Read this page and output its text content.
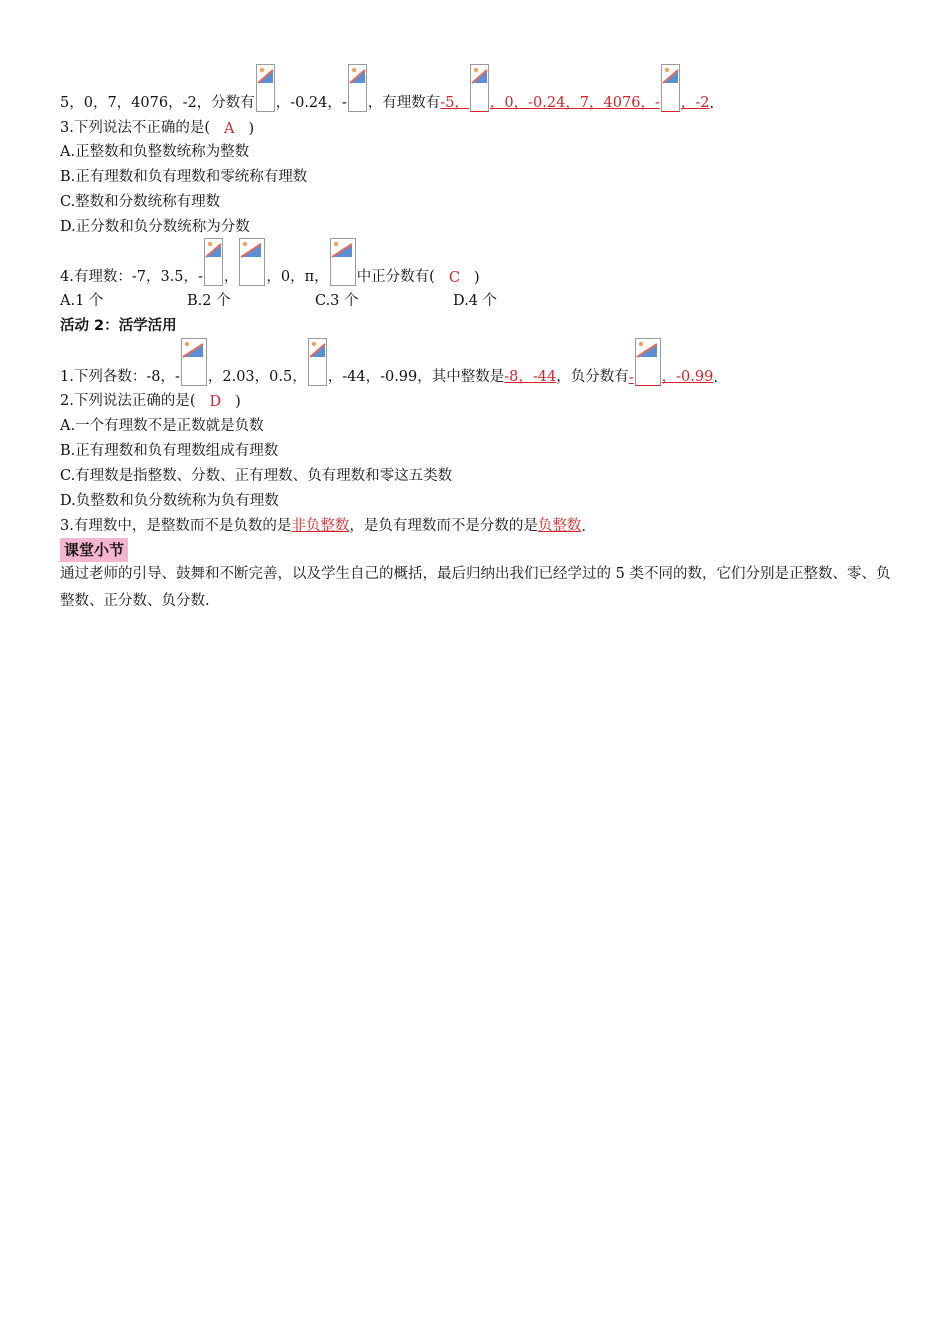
5，0，7，4076，-2，分数有 ，-0.24，- ，有理数有 -5， ，0，-0.24，7，4076，- ，-2 .
3.下列说法不正确的是( A )
A.正整数和负整数统称为整数
B.正有理数和负有理数和零统称有理数
C.整数和分数统称有理数
D.正分数和负分数统称为分数
4.有理数：-7，3.5，- ， ，0，π， 中正分数有( C )
A.1 个	B.2 个	C.3 个	D.4 个
活动 2：活学活用
1.下列各数：-8，- ，2.03，0.5， ，-44，-0.99，其中整数是 -8，-44 ，负分数有 - ，-0.99 .
2.下列说法正确的是( D )
A.一个有理数不是正数就是负数
B.正有理数和负有理数组成有理数
C.有理数是指整数、分数、正有理数、负有理数和零这五类数
D.负整数和负分数统称为负有理数
3.有理数中，是整数而不是负数的是 非负整数 ，是负有理数而不是分数的是 负整数 .
课堂小节
通过老师的引导、鼓舞和不断完善，以及学生自己的概括，最后归纳出我们已经学过的 5 类不同的数，它们分别是正整数、零、负整数、正分数、负分数.
